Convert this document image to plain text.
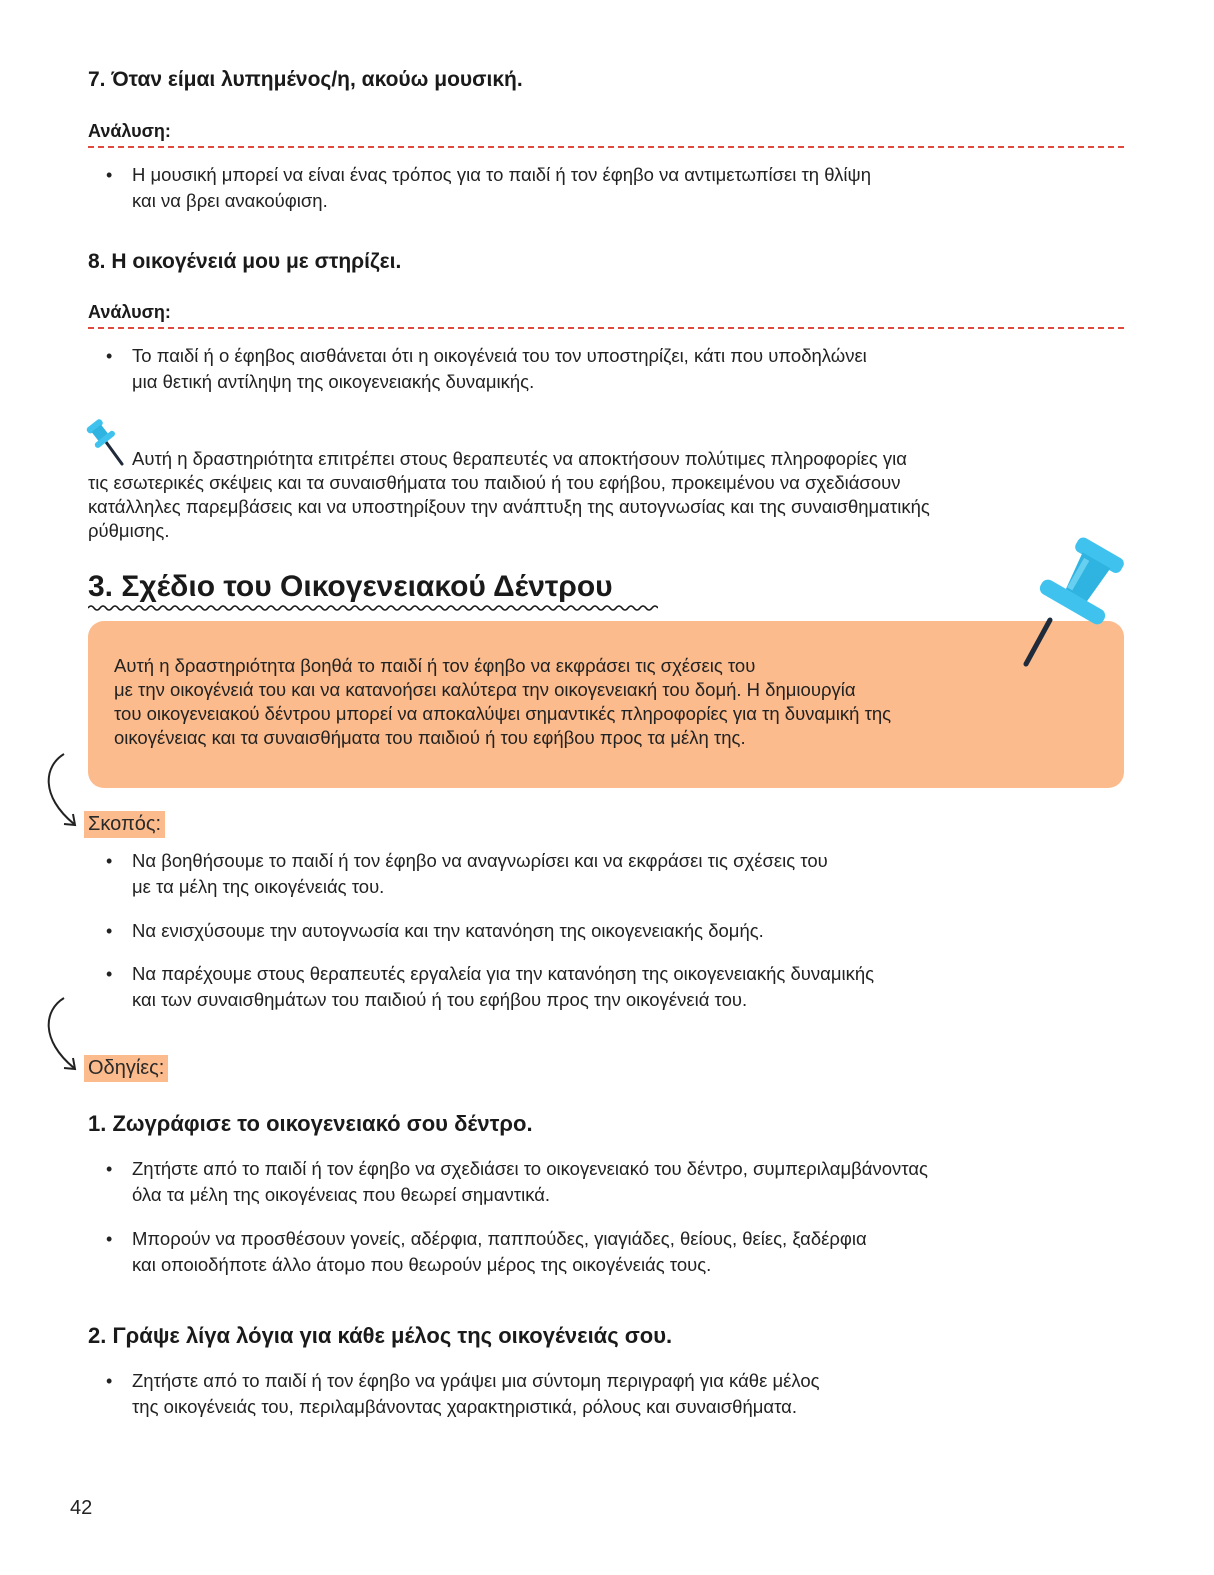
7. Όταν είμαι λυπημένος/η, ακούω μουσική.
Ανάλυση:
• Η μουσική μπορεί να είναι ένας τρόπος για το παιδί ή τον έφηβο να αντιμετωπίσει τη θλίψη
και να βρει ανακούφιση.
8. Η οικογένειά μου με στηρίζει.
Ανάλυση:
• Το παιδί ή ο έφηβος αισθάνεται ότι η οικογένειά του τον υποστηρίζει, κάτι που υποδηλώνει
μια θετική αντίληψη της οικογενειακής δυναμικής.
Αυτή η δραστηριότητα επιτρέπει στους θεραπευτές να αποκτήσουν πολύτιμες πληροφορίες για
τις εσωτερικές σκέψεις και τα συναισθήματα του παιδιού ή του εφήβου, προκειμένου να σχεδιάσουν
κατάλληλες παρεμβάσεις και να υποστηρίξουν την ανάπτυξη της αυτογνωσίας και της συναισθηματικής
ρύθμισης.
3. Σχέδιο του Οικογενειακού Δέντρου
Αυτή η δραστηριότητα βοηθά το παιδί ή τον έφηβο να εκφράσει τις σχέσεις του
με την οικογένειά του και να κατανοήσει καλύτερα την οικογενειακή του δομή. Η δημιουργία
του οικογενειακού δέντρου μπορεί να αποκαλύψει σημαντικές πληροφορίες για τη δυναμική της
οικογένειας και τα συναισθήματα του παιδιού ή του εφήβου προς τα μέλη της.
Σκοπός:
• Να βοηθήσουμε το παιδί ή τον έφηβο να αναγνωρίσει και να εκφράσει τις σχέσεις του
με τα μέλη της οικογένειάς του.
• Να ενισχύσουμε την αυτογνωσία και την κατανόηση της οικογενειακής δομής.
• Να παρέχουμε στους θεραπευτές εργαλεία για την κατανόηση της οικογενειακής δυναμικής
και των συναισθημάτων του παιδιού ή του εφήβου προς την οικογένειά του.
Οδηγίες:
1. Ζωγράφισε το οικογενειακό σου δέντρο.
• Ζητήστε από το παιδί ή τον έφηβο να σχεδιάσει το οικογενειακό του δέντρο, συμπεριλαμβάνοντας
όλα τα μέλη της οικογένειας που θεωρεί σημαντικά.
• Μπορούν να προσθέσουν γονείς, αδέρφια, παππούδες, γιαγιάδες, θείους, θείες, ξαδέρφια
και οποιοδήποτε άλλο άτομο που θεωρούν μέρος της οικογένειάς τους.
2. Γράψε λίγα λόγια για κάθε μέλος της οικογένειάς σου.
• Ζητήστε από το παιδί ή τον έφηβο να γράψει μια σύντομη περιγραφή για κάθε μέλος
της οικογένειάς του, περιλαμβάνοντας χαρακτηριστικά, ρόλους και συναισθήματα.
42
